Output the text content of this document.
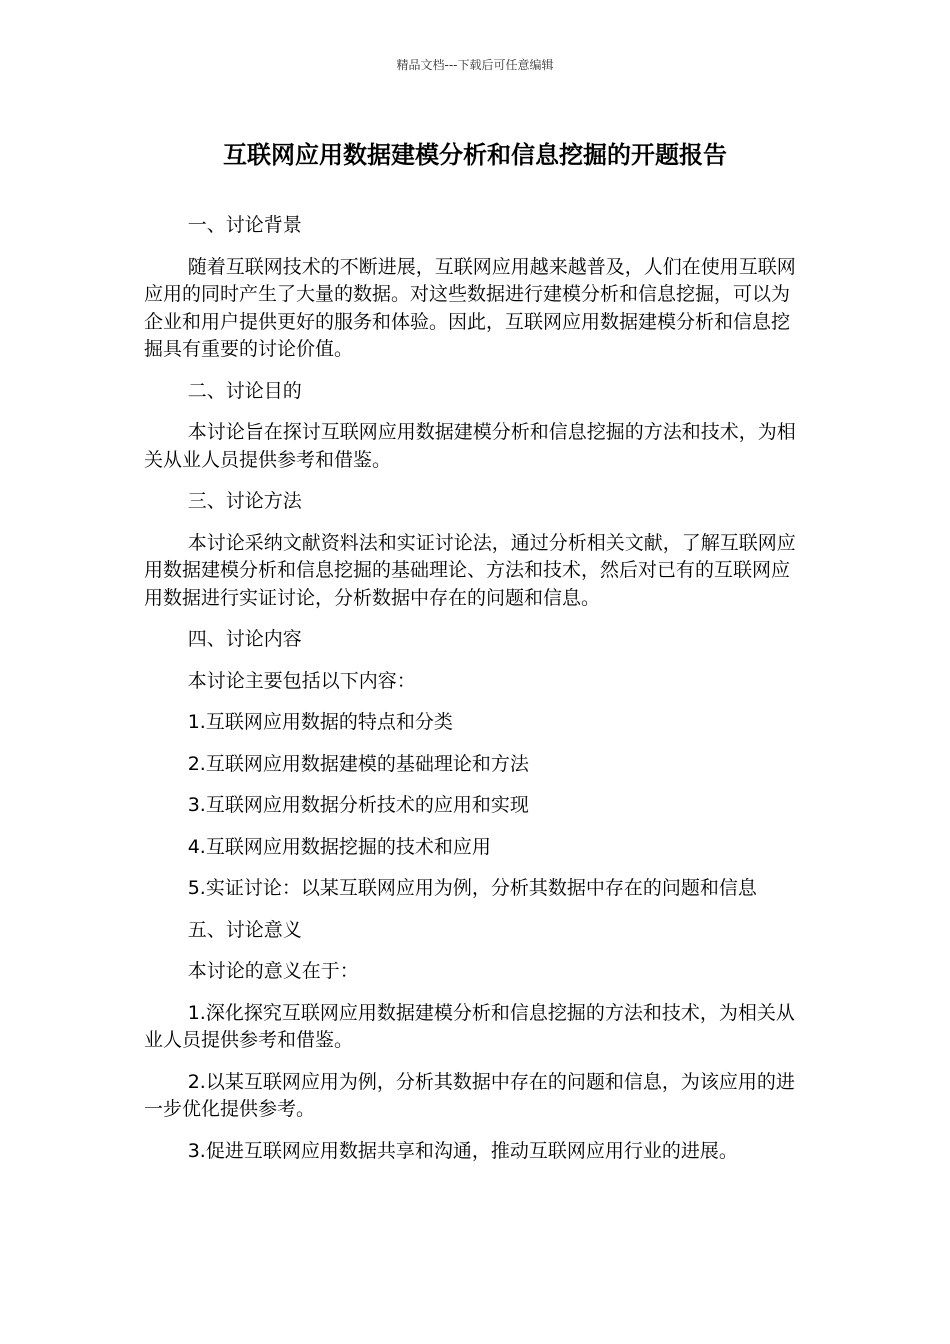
精品文档---下载后可任意编辑
互联网应用数据建模分析和信息挖掘的开题报告

一、讨论背景

随着互联网技术的不断进展，互联网应用越来越普及，人们在使用互联网应用的同时产生了大量的数据。对这些数据进行建模分析和信息挖掘，可以为企业和用户提供更好的服务和体验。因此，互联网应用数据建模分析和信息挖掘具有重要的讨论价值。

二、讨论目的

本讨论旨在探讨互联网应用数据建模分析和信息挖掘的方法和技术，为相关从业人员提供参考和借鉴。

三、讨论方法

本讨论采纳文献资料法和实证讨论法，通过分析相关文献，了解互联网应用数据建模分析和信息挖掘的基础理论、方法和技术，然后对已有的互联网应用数据进行实证讨论，分析数据中存在的问题和信息。

四、讨论内容

本讨论主要包括以下内容：

1.互联网应用数据的特点和分类

2.互联网应用数据建模的基础理论和方法

3.互联网应用数据分析技术的应用和实现

4.互联网应用数据挖掘的技术和应用

5.实证讨论：以某互联网应用为例，分析其数据中存在的问题和信息

五、讨论意义

本讨论的意义在于：

1.深化探究互联网应用数据建模分析和信息挖掘的方法和技术，为相关从业人员提供参考和借鉴。

2.以某互联网应用为例，分析其数据中存在的问题和信息，为该应用的进一步优化提供参考。

3.促进互联网应用数据共享和沟通，推动互联网应用行业的进展。
